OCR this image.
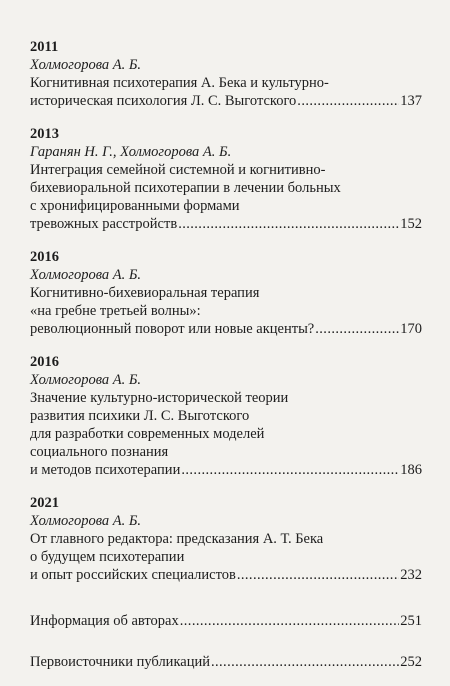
2011
Холмогорова А. Б.
Когнитивная психотерапия А. Бека и культурно-
историческая психология Л. С. Выготского .....	137
2013
Гаранян Н. Г., Холмогорова А. Б.
Интеграция семейной системной и когнитивно-
бихевиоральной психотерапии в лечении больных
с хронифицированными формами
тревожных расстройств .....	152
2016
Холмогорова А. Б.
Когнитивно-бихевиоральная терапия
«на гребне третьей волны»:
революционный поворот или новые акценты? .....	170
2016
Холмогорова А. Б.
Значение культурно-исторической теории
развития психики Л. С. Выготского
для разработки современных моделей
социального познания
и методов психотерапии .....	186
2021
Холмогорова А. Б.
От главного редактора: предсказания А. Т. Бека
о будущем психотерапии
и опыт российских специалистов .....	232
Информация об авторах .....	251
Первоисточники публикаций .....	252
